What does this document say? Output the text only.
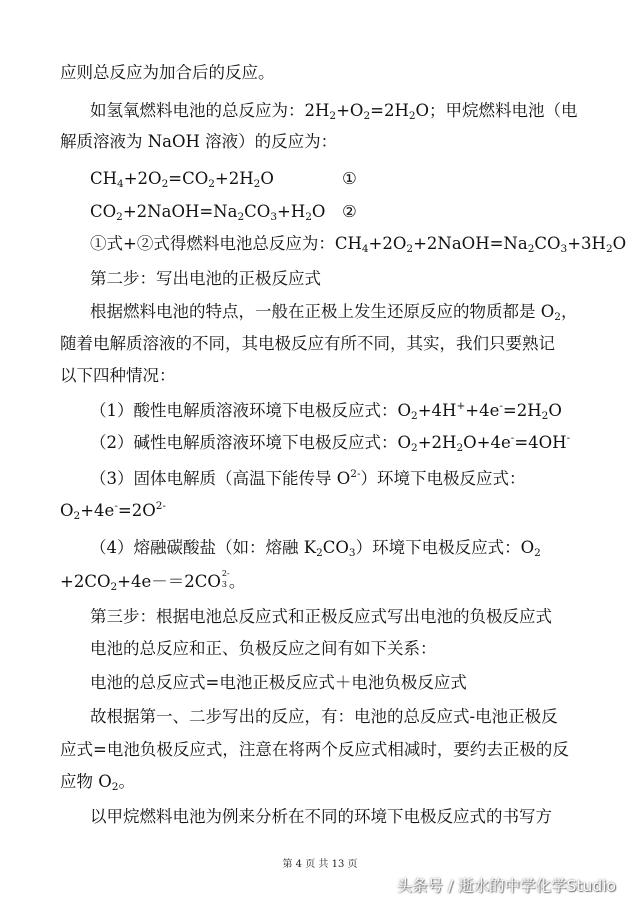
应则总反应为加合后的反应。
如氢氧燃料电池的总反应为：$2H_2+O_2=2H_2O$；甲烷燃料电池（电
解质溶液为 NaOH 溶液）的反应为：
$CH_4+2O_2=CO_2+2H_2O$	①
$CO_2+2NaOH=Na_2CO_3+H_2O$ ②
①式+②式得燃料电池总反应为：$CH_4+2O_2+2NaOH=Na_2CO_3+3H_2O$
第二步：写出电池的正极反应式
根据燃料电池的特点，一般在正极上发生还原反应的物质都是 $O_2$，
随着电解质溶液的不同，其电极反应有所不同，其实，我们只要熟记
以下四种情况：
（1）酸性电解质溶液环境下电极反应式：$O_2+4H^++4e^-=2H_2O$
（2）碱性电解质溶液环境下电极反应式：$O_2+2H_2O+4e^-=4OH^-$
（3）固体电解质（高温下能传导 $O^{2-}$）环境下电极反应式：
$O_2+4e^-=2O^{2-}$
（4）熔融碳酸盐（如：熔融 $K_2CO_3$）环境下电极反应式：$O_2$
$+2CO_2+4e-=2CO$ 2-
3 。
第三步：根据电池总反应式和正极反应式写出电池的负极反应式
电池的总反应和正、负极反应之间有如下关系：
电池的总反应式=电池正极反应式＋电池负极反应式
故根据第一、二步写出的反应，有：电池的总反应式-电池正极反
应式=电池负极反应式，注意在将两个反应式相减时，要约去正极的反
应物 $O_2$。
以甲烷燃料电池为例来分析在不同的环境下电极反应式的书写方
第 4 页 共 13 页
头条号 / 逝水的中学化学Studio
